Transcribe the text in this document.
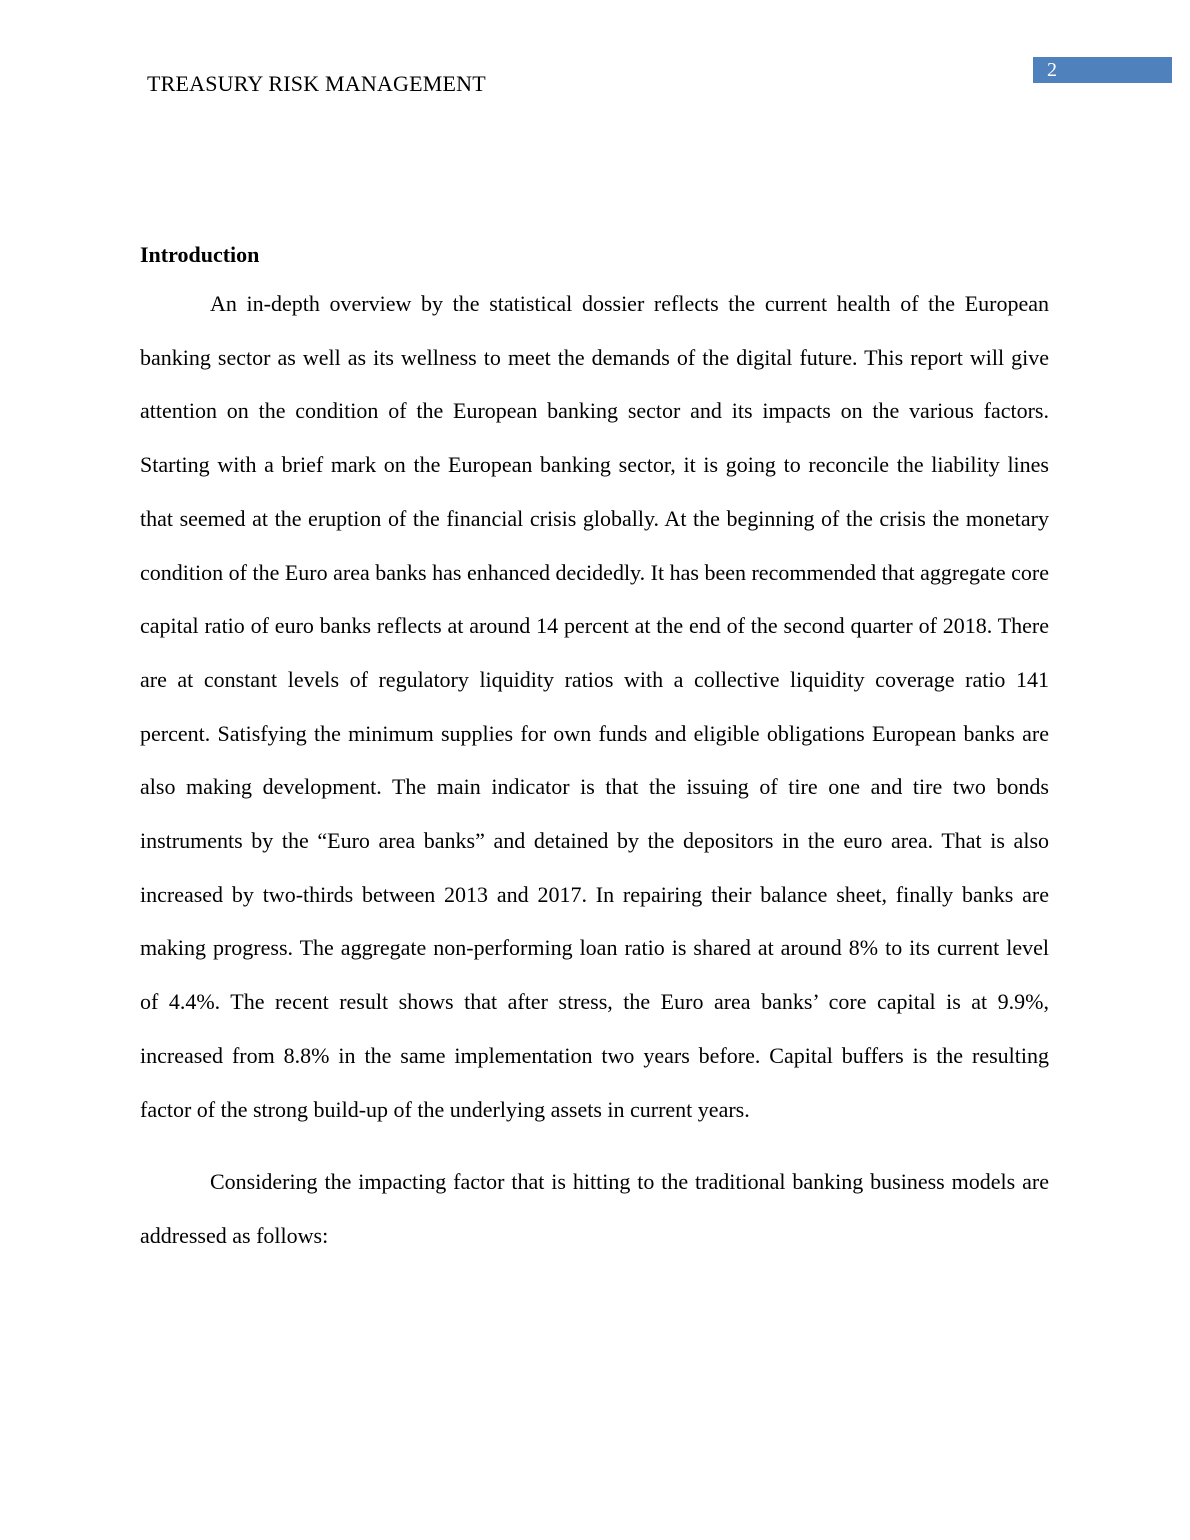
TREASURY RISK MANAGEMENT
2
Introduction

An in-depth overview by the statistical dossier reflects the current health of the European banking sector as well as its wellness to meet the demands of the digital future. This report will give attention on the condition of the European banking sector and its impacts on the various factors. Starting with a brief mark on the European banking sector, it is going to reconcile the liability lines that seemed at the eruption of the financial crisis globally. At the beginning of the crisis the monetary condition of the Euro area banks has enhanced decidedly. It has been recommended that aggregate core capital ratio of euro banks reflects at around 14 percent at the end of the second quarter of 2018. There are at constant levels of regulatory liquidity ratios with a collective liquidity coverage ratio 141 percent. Satisfying the minimum supplies for own funds and eligible obligations European banks are also making development. The main indicator is that the issuing of tire one and tire two bonds instruments by the “Euro area banks” and detained by the depositors in the euro area. That is also increased by two-thirds between 2013 and 2017. In repairing their balance sheet, finally banks are making progress. The aggregate non-performing loan ratio is shared at around 8% to its current level of 4.4%. The recent result shows that after stress, the Euro area banks’ core capital is at 9.9%, increased from 8.8% in the same implementation two years before. Capital buffers is the resulting factor of the strong build-up of the underlying assets in current years.

Considering the impacting factor that is hitting to the traditional banking business models are addressed as follows:
